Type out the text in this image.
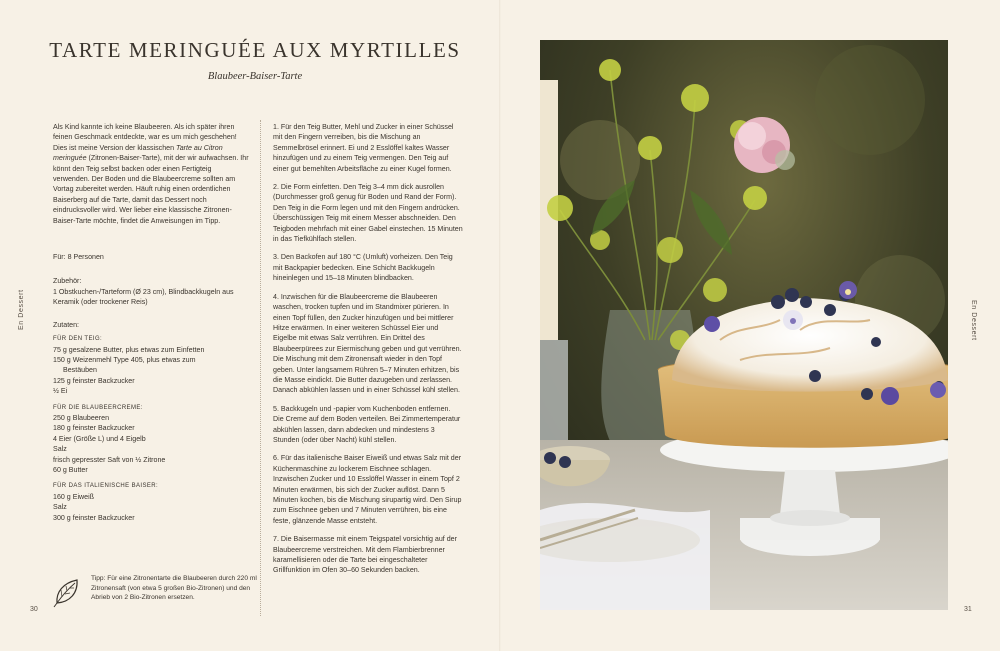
TARTE MERINGUÉE AUX MYRTILLES
Blaubeer-Baiser-Tarte

Als Kind kannte ich keine Blaubeeren. Als ich später ihren feinen Geschmack entdeckte, war es um mich geschehen! Dies ist meine Version der klassischen Tarte au Citron meringuée (Zitronen-Baiser-Tarte), mit der wir aufwachsen. Ihr könnt den Teig selbst backen oder einen Fertigteig verwenden. Der Boden und die Blaubeercreme sollten am Vortag zubereitet werden. Häuft ruhig einen ordentlichen Baiserberg auf die Tarte, damit das Dessert noch eindrucksvoller wird. Wer lieber eine klassische Zitronen-Baiser-Tarte möchte, findet die Anweisungen im Tipp.

Für: 8 Personen

Zubehör:

1 Obstkuchen-/Tarteform (Ø 23 cm), Blindbackkugeln aus Keramik (oder trockener Reis)

Zutaten:

FÜR DEN TEIG:

75 g gesalzene Butter, plus etwas zum Einfetten

150 g Weizenmehl Type 405, plus etwas zum

Bestäuben

125 g feinster Backzucker

½ Ei

FÜR DIE BLAUBEERCREME:

250 g Blaubeeren

180 g feinster Backzucker

4 Eier (Größe L) und 4 Eigelb

Salz

frisch gepresster Saft von ½ Zitrone

60 g Butter

FÜR DAS ITALIENISCHE BAISER:

160 g Eiweiß

Salz

300 g feinster Backzucker

1. Für den Teig Butter, Mehl und Zucker in einer Schüssel mit den Fingern verreiben, bis die Mischung an Semmelbrösel erinnert. Ei und 2 Esslöffel kaltes Wasser hinzufügen und zu einem Teig vermengen. Den Teig auf einer gut bemehlten Arbeitsfläche zu einer Kugel formen.

2. Die Form einfetten. Den Teig 3–4 mm dick ausrollen (Durchmesser groß genug für Boden und Rand der Form). Den Teig in die Form legen und mit den Fingern andrücken. Überschüssigen Teig mit einem Messer abschneiden. Den Teigboden mehrfach mit einer Gabel einstechen. 15 Minuten in das Tiefkühlfach stellen.

3. Den Backofen auf 180 °C (Umluft) vorheizen. Den Teig mit Backpapier bedecken. Eine Schicht Backkugeln hineinlegen und 15–18 Minuten blindbacken.

4. Inzwischen für die Blaubeercreme die Blaubeeren waschen, trocken tupfen und im Standmixer pürieren. In einen Topf füllen, den Zucker hinzufügen und bei mittlerer Hitze erwärmen. In einer weiteren Schüssel Eier und Eigelbe mit etwas Salz verrühren. Ein Drittel des Blaubeerpürees zur Eiermischung geben und gut verrühren. Die Mischung mit dem Zitronensaft wieder in den Topf geben. Unter langsamem Rühren 5–7 Minuten erhitzen, bis die Masse eindickt. Die Butter dazugeben und zerlassen. Danach abkühlen lassen und in einer Schüssel kühl stellen.

5. Backkugeln und -papier vom Kuchenboden entfernen. Die Creme auf dem Boden verteilen. Bei Zimmertemperatur abkühlen lassen, dann abdecken und mindestens 3 Stunden (oder über Nacht) kühl stellen.

6. Für das italienische Baiser Eiweiß und etwas Salz mit der Küchenmaschine zu lockerem Eischnee schlagen. Inzwischen Zucker und 10 Esslöffel Wasser in einem Topf 2 Minuten erwärmen, bis sich der Zucker auflöst. Dann 5 Minuten kochen, bis die Mischung sirupartig wird. Den Sirup zum Eischnee geben und 7 Minuten verrühren, bis eine feste, glänzende Masse entsteht.

7. Die Baisermasse mit einem Teigspatel vorsichtig auf der Blaubeercreme verstreichen. Mit dem Flambierbrenner karamellisieren oder die Tarte bei eingeschalteter Grillfunktion im Ofen 30–60 Sekunden backen.

Tipp: Für eine Zitronentarte die Blaubeeren durch 220 ml Zitronensaft (von etwa 5 großen Bio-Zitronen) und den Abrieb von 2 Bio-Zitronen ersetzen.
En Dessert
30
En Dessert
31
